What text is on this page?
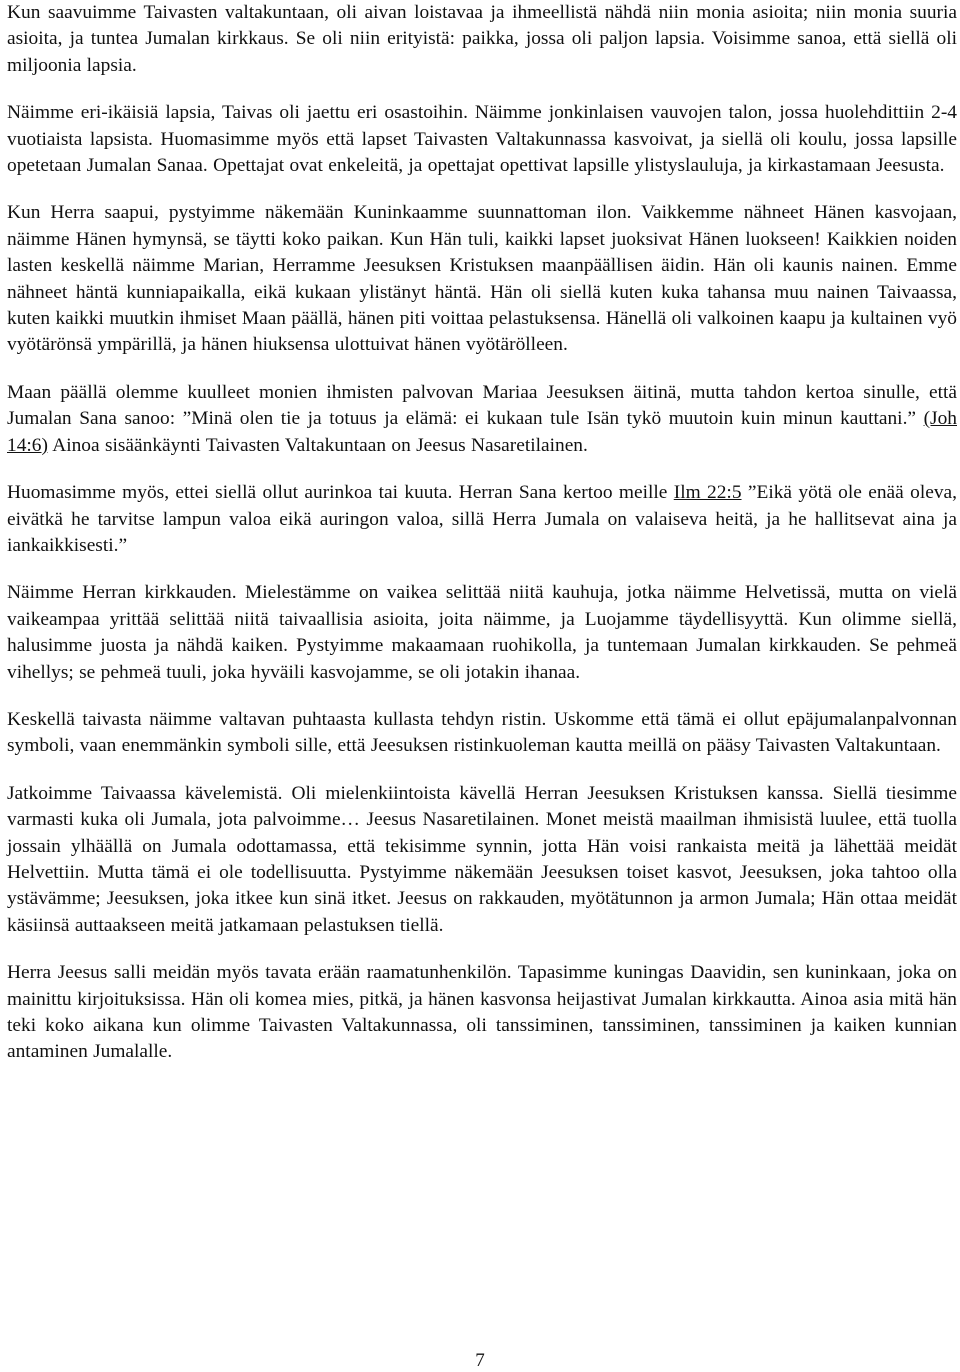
Kun saavuimme Taivasten valtakuntaan, oli aivan loistavaa ja ihmeellistä nähdä niin monia asioita; niin monia suuria asioita, ja tuntea Jumalan kirkkaus. Se oli niin erityistä: paikka, jossa oli paljon lapsia. Voisimme sanoa, että siellä oli miljoonia lapsia.

Näimme eri-ikäisiä lapsia, Taivas oli jaettu eri osastoihin. Näimme jonkinlaisen vauvojen talon, jossa huolehdittiin 2-4 vuotiaista lapsista. Huomasimme myös että lapset Taivasten Valtakunnassa kasvoivat, ja siellä oli koulu, jossa lapsille opetetaan Jumalan Sanaa. Opettajat ovat enkeleitä, ja opettajat opettivat lapsille ylistyslauluja, ja kirkastamaan Jeesusta.

Kun Herra saapui, pystyimme näkemään Kuninkaamme suunnattoman ilon. Vaikkemme nähneet Hänen kasvojaan, näimme Hänen hymynsä, se täytti koko paikan. Kun Hän tuli, kaikki lapset juoksivat Hänen luokseen! Kaikkien noiden lasten keskellä näimme Marian, Herramme Jeesuksen Kristuksen maanpäällisen äidin. Hän oli kaunis nainen. Emme nähneet häntä kunniapaikalla, eikä kukaan ylistänyt häntä. Hän oli siellä kuten kuka tahansa muu nainen Taivaassa, kuten kaikki muutkin ihmiset Maan päällä, hänen piti voittaa pelastuksensa. Hänellä oli valkoinen kaapu ja kultainen vyö vyötärönsä ympärillä, ja hänen hiuksensa ulottuivat hänen vyötärölleen.

Maan päällä olemme kuulleet monien ihmisten palvovan Mariaa Jeesuksen äitinä, mutta tahdon kertoa sinulle, että Jumalan Sana sanoo: ”Minä olen tie ja totuus ja elämä: ei kukaan tule Isän tykö muutoin kuin minun kauttani.” (Joh 14:6) Ainoa sisäänkäynti Taivasten Valtakuntaan on Jeesus Nasaretilainen.

Huomasimme myös, ettei siellä ollut aurinkoa tai kuuta. Herran Sana kertoo meille Ilm 22:5 ”Eikä yötä ole enää oleva, eivätkä he tarvitse lampun valoa eikä auringon valoa, sillä Herra Jumala on valaiseva heitä, ja he hallitsevat aina ja iankaikkisesti.”

Näimme Herran kirkkauden. Mielestämme on vaikea selittää niitä kauhuja, jotka näimme Helvetissä, mutta on vielä vaikeampaa yrittää selittää niitä taivaallisia asioita, joita näimme, ja Luojamme täydellisyyttä. Kun olimme siellä, halusimme juosta ja nähdä kaiken. Pystyimme makaamaan ruohikolla, ja tuntemaan Jumalan kirkkauden. Se pehmeä vihellys; se pehmeä tuuli, joka hyväili kasvojamme, se oli jotakin ihanaa.

Keskellä taivasta näimme valtavan puhtaasta kullasta tehdyn ristin. Uskomme että tämä ei ollut epäjumalanpalvonnan symboli, vaan enemmänkin symboli sille, että Jeesuksen ristinkuoleman kautta meillä on pääsy Taivasten Valtakuntaan.

Jatkoimme Taivaassa kävelemistä. Oli mielenkiintoista kävellä Herran Jeesuksen Kristuksen kanssa. Siellä tiesimme varmasti kuka oli Jumala, jota palvoimme… Jeesus Nasaretilainen. Monet meistä maailman ihmisistä luulee, että tuolla jossain ylhäällä on Jumala odottamassa, että tekisimme synnin, jotta Hän voisi rankaista meitä ja lähettää meidät Helvettiin. Mutta tämä ei ole todellisuutta. Pystyimme näkemään Jeesuksen toiset kasvot, Jeesuksen, joka tahtoo olla ystävämme; Jeesuksen, joka itkee kun sinä itket. Jeesus on rakkauden, myötätunnon ja armon Jumala; Hän ottaa meidät käsiinsä auttaakseen meitä jatkamaan pelastuksen tiellä.

Herra Jeesus salli meidän myös tavata erään raamatunhenkilön. Tapasimme kuningas Daavidin, sen kuninkaan, joka on mainittu kirjoituksissa. Hän oli komea mies, pitkä, ja hänen kasvonsa heijastivat Jumalan kirkkautta. Ainoa asia mitä hän teki koko aikana kun olimme Taivasten Valtakunnassa, oli tanssiminen, tanssiminen, tanssiminen ja kaiken kunnian antaminen Jumalalle.

7
